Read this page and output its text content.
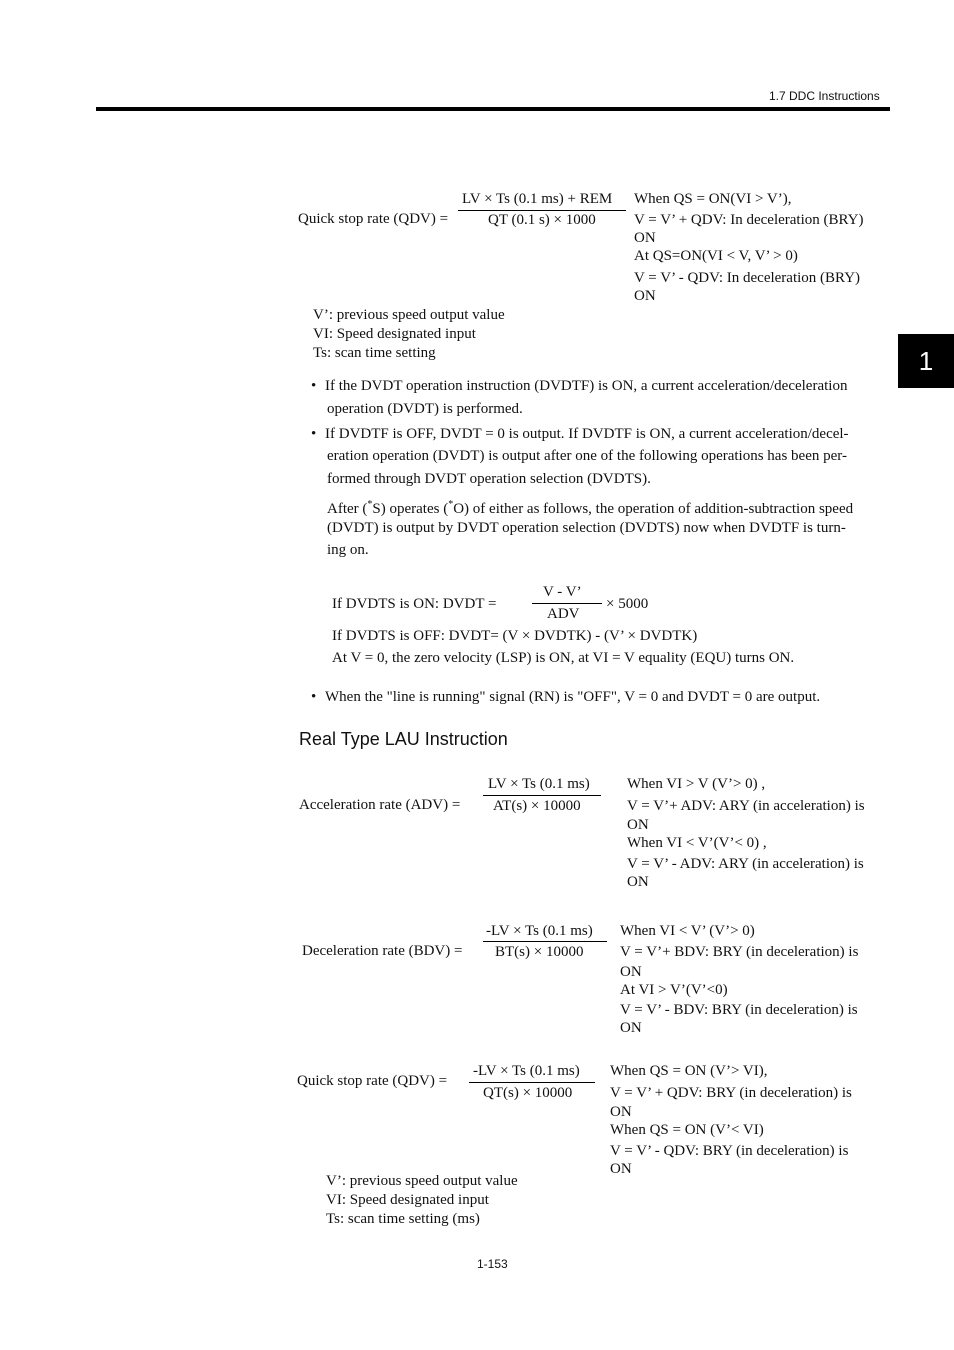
1.7 DDC Instructions
1
Quick stop rate (QDV) =
LV × Ts (0.1 ms) + REM
QT (0.1 s) × 1000
When QS = ON(VI > V’),
V = V’ + QDV: In deceleration (BRY)
ON
At QS=ON(VI < V, V’ > 0)
V = V’ - QDV: In deceleration (BRY)
ON
V’: previous speed output value
VI: Speed designated input
Ts: scan time setting
• If the DVDT operation instruction (DVDTF) is ON, a current acceleration/deceleration
operation (DVDT) is performed.
• If DVDTF is OFF, DVDT = 0 is output. If DVDTF is ON, a current acceleration/decel-
eration operation (DVDT) is output after one of the following operations has been per-
formed through DVDT operation selection (DVDTS).
After (*S) operates (*O) of either as follows, the operation of addition-subtraction speed
(DVDT) is output by DVDT operation selection (DVDTS) now when DVDTF is turn-
ing on.
If DVDTS is ON: DVDT =
V - V’
ADV
× 5000
If DVDTS is OFF: DVDT= (V × DVDTK) - (V’ × DVDTK)
At V = 0, the zero velocity (LSP) is ON, at VI = V equality (EQU) turns ON.
• When the "line is running" signal (RN) is "OFF", V = 0 and DVDT = 0 are output.
Real Type LAU Instruction
Acceleration rate (ADV) =
LV × Ts (0.1 ms)
AT(s) × 10000
When VI > V (V’> 0) ,
V = V’+ ADV: ARY (in acceleration) is
ON
When VI < V’(V’< 0) ,
V = V’ - ADV: ARY (in acceleration) is
ON
Deceleration rate (BDV) =
-LV × Ts (0.1 ms)
BT(s) × 10000
When VI < V’ (V’> 0)
V = V’+ BDV: BRY (in deceleration) is
ON
At VI > V’(V’<0)
V = V’ - BDV: BRY (in deceleration) is
ON
Quick stop rate (QDV) =
-LV × Ts (0.1 ms)
QT(s) × 10000
When QS = ON (V’> VI),
V = V’ + QDV: BRY (in deceleration) is
ON
When QS = ON (V’< VI)
V = V’ - QDV: BRY (in deceleration) is
ON
V’: previous speed output value
VI: Speed designated input
Ts: scan time setting (ms)
1-153
